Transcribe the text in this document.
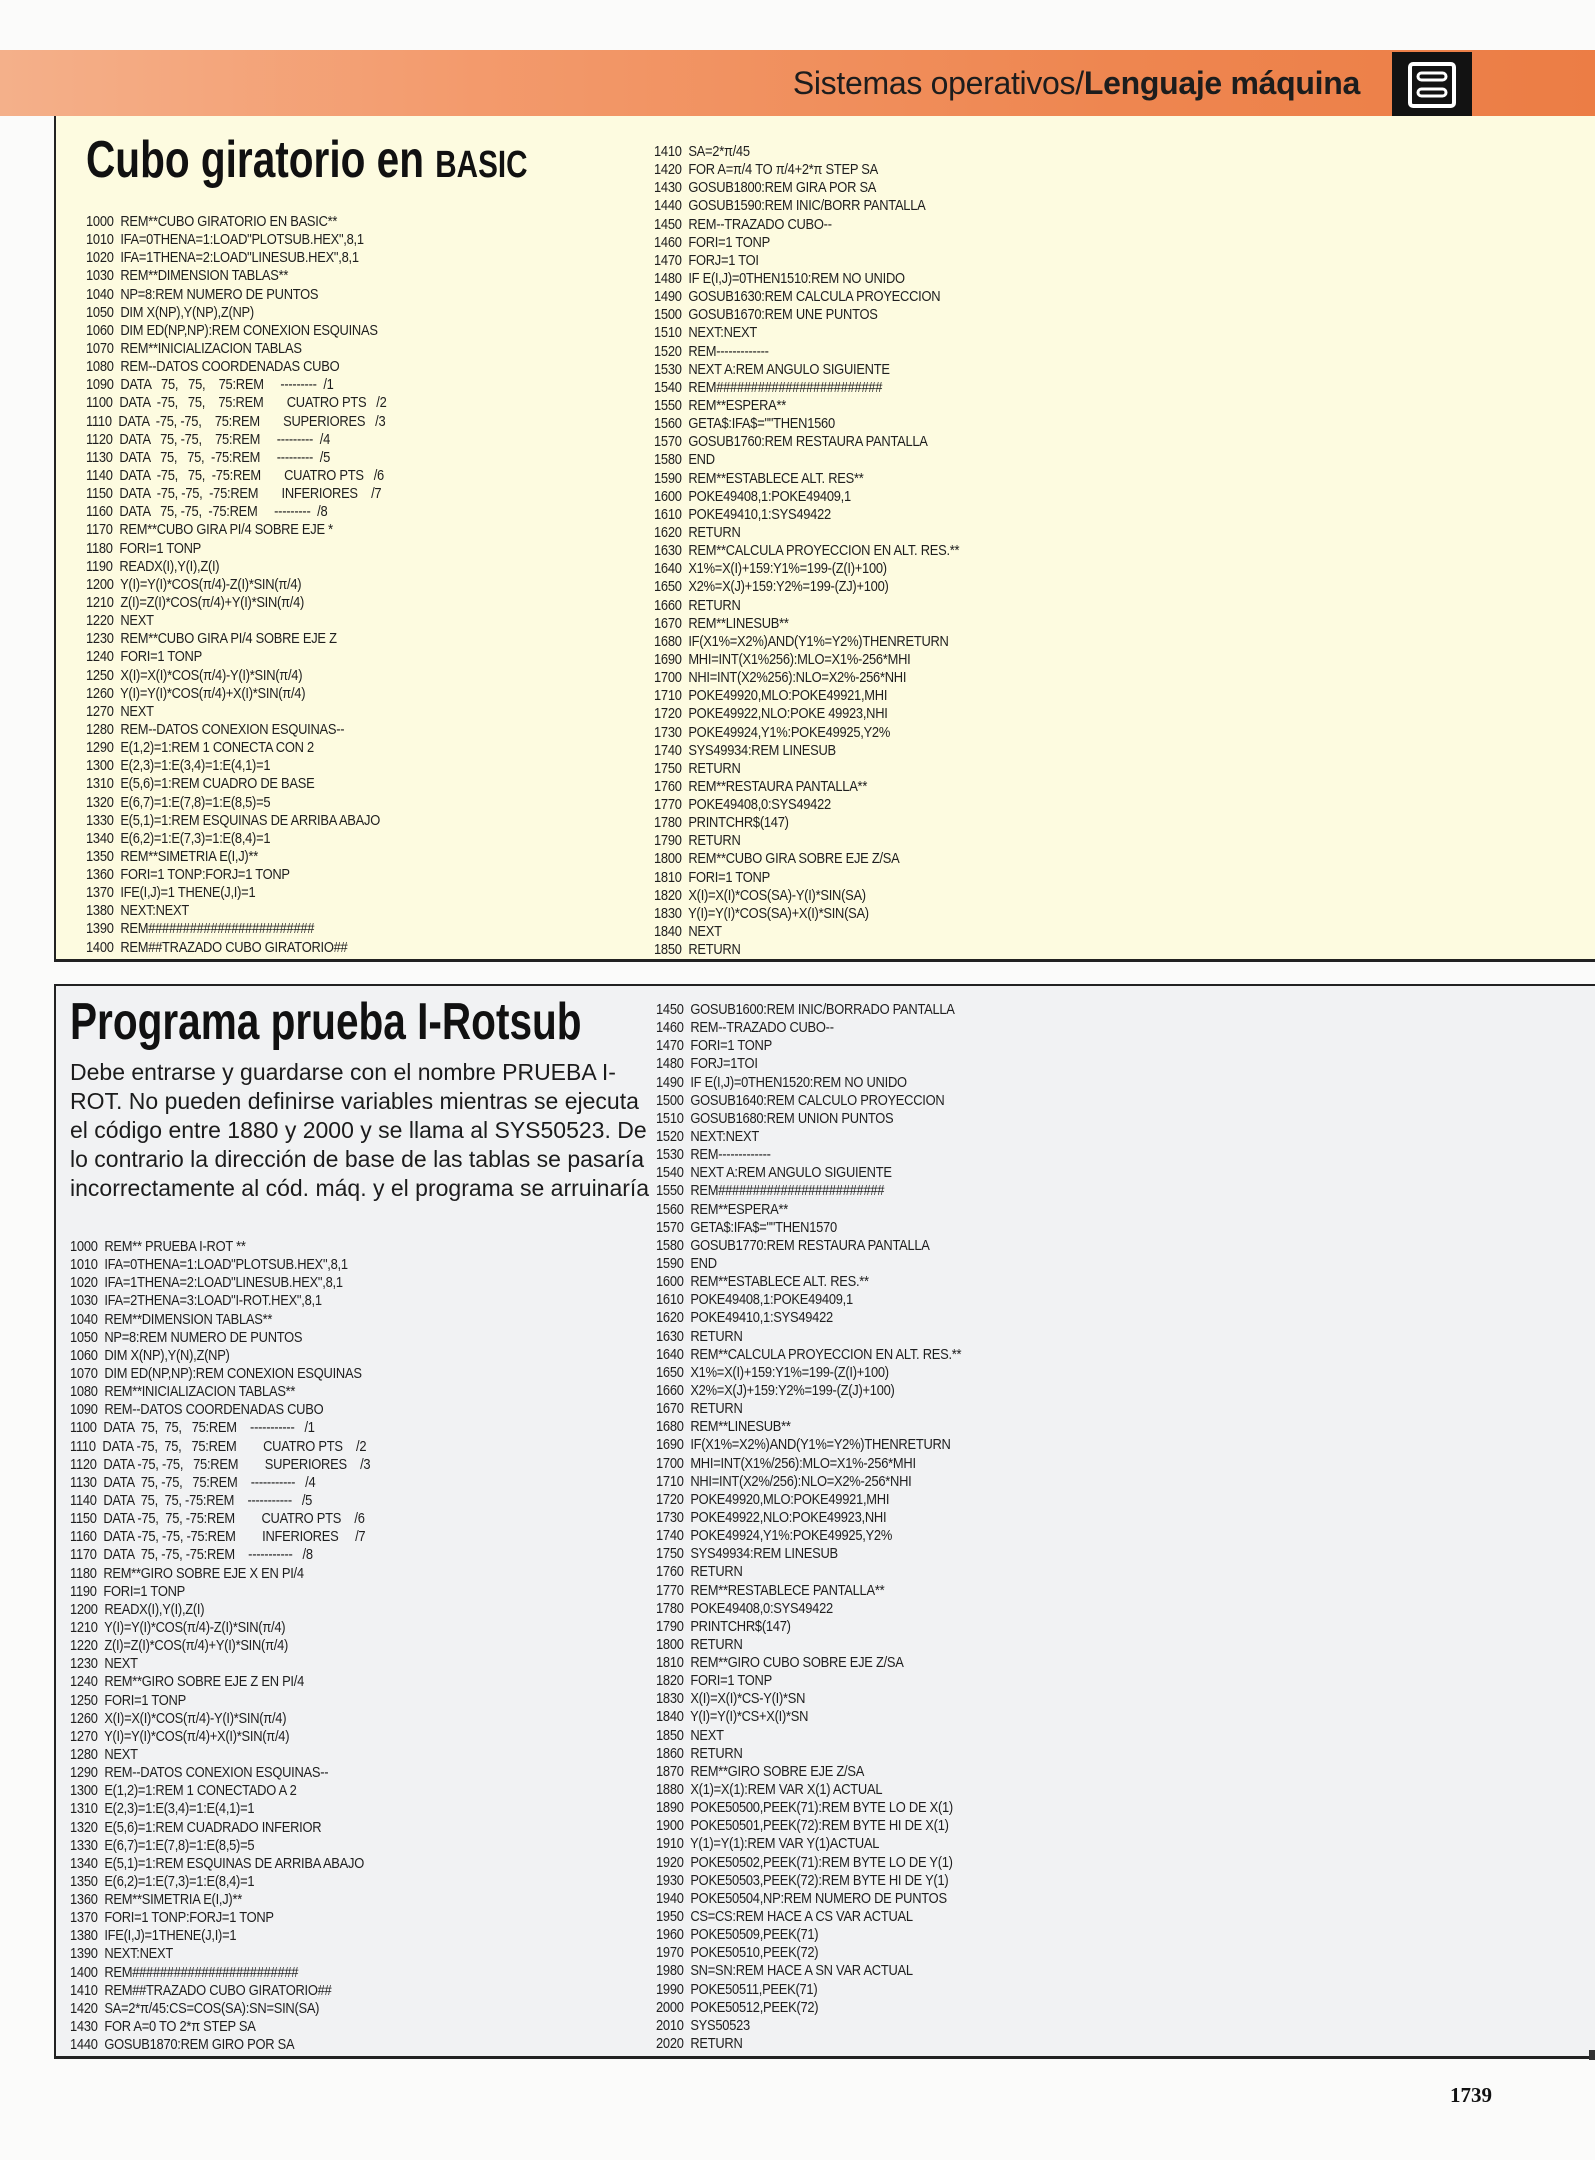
Sistemas operativos/Lenguaje máquina
Cubo giratorio en BASIC
1000  REM**CUBO GIRATORIO EN BASIC**
1010  IFA=0THENA=1:LOAD"PLOTSUB.HEX",8,1
1020  IFA=1THENA=2:LOAD"LINESUB.HEX",8,1
1030  REM**DIMENSION TABLAS**
1040  NP=8:REM NUMERO DE PUNTOS
1050  DIM X(NP),Y(NP),Z(NP)
1060  DIM ED(NP,NP):REM CONEXION ESQUINAS
1070  REM**INICIALIZACION TABLAS
1080  REM--DATOS COORDENADAS CUBO
1090  DATA   75,   75,    75:REM     ---------  /1
1100  DATA  -75,   75,    75:REM       CUATRO PTS   /2
1110  DATA  -75, -75,    75:REM       SUPERIORES   /3
1120  DATA   75, -75,    75:REM     ---------  /4
1130  DATA   75,   75,  -75:REM     ---------  /5
1140  DATA  -75,   75,  -75:REM       CUATRO PTS   /6
1150  DATA  -75, -75,  -75:REM       INFERIORES    /7
1160  DATA   75, -75,  -75:REM     ---------  /8
1170  REM**CUBO GIRA PI/4 SOBRE EJE *
1180  FORI=1 TONP
1190  READX(I),Y(I),Z(I)
1200  Y(I)=Y(I)*COS(π/4)-Z(I)*SIN(π/4)
1210  Z(I)=Z(I)*COS(π/4)+Y(I)*SIN(π/4)
1220  NEXT
1230  REM**CUBO GIRA PI/4 SOBRE EJE Z
1240  FORI=1 TONP
1250  X(I)=X(I)*COS(π/4)-Y(I)*SIN(π/4)
1260  Y(I)=Y(I)*COS(π/4)+X(I)*SIN(π/4)
1270  NEXT
1280  REM--DATOS CONEXION ESQUINAS--
1290  E(1,2)=1:REM 1 CONECTA CON 2
1300  E(2,3)=1:E(3,4)=1:E(4,1)=1
1310  E(5,6)=1:REM CUADRO DE BASE
1320  E(6,7)=1:E(7,8)=1:E(8,5)=5
1330  E(5,1)=1:REM ESQUINAS DE ARRIBA ABAJO
1340  E(6,2)=1:E(7,3)=1:E(8,4)=1
1350  REM**SIMETRIA E(I,J)**
1360  FORI=1 TONP:FORJ=1 TONP
1370  IFE(I,J)=1 THENE(J,I)=1
1380  NEXT:NEXT
1390  REM########################
1400  REM##TRAZADO CUBO GIRATORIO##
1410  SA=2*π/45
1420  FOR A=π/4 TO π/4+2*π STEP SA
1430  GOSUB1800:REM GIRA POR SA
1440  GOSUB1590:REM INIC/BORR PANTALLA
1450  REM--TRAZADO CUBO--
1460  FORI=1 TONP
1470  FORJ=1 TOI
1480  IF E(I,J)=0THEN1510:REM NO UNIDO
1490  GOSUB1630:REM CALCULA PROYECCION
1500  GOSUB1670:REM UNE PUNTOS
1510  NEXT:NEXT
1520  REM-------------
1530  NEXT A:REM ANGULO SIGUIENTE
1540  REM########################
1550  REM**ESPERA**
1560  GETA$:IFA$=""THEN1560
1570  GOSUB1760:REM RESTAURA PANTALLA
1580  END
1590  REM**ESTABLECE ALT. RES**
1600  POKE49408,1:POKE49409,1
1610  POKE49410,1:SYS49422
1620  RETURN
1630  REM**CALCULA PROYECCION EN ALT. RES.**
1640  X1%=X(I)+159:Y1%=199-(Z(I)+100)
1650  X2%=X(J)+159:Y2%=199-(ZJ)+100)
1660  RETURN
1670  REM**LINESUB**
1680  IF(X1%=X2%)AND(Y1%=Y2%)THENRETURN
1690  MHI=INT(X1%256):MLO=X1%-256*MHI
1700  NHI=INT(X2%256):NLO=X2%-256*NHI
1710  POKE49920,MLO:POKE49921,MHI
1720  POKE49922,NLO:POKE 49923,NHI
1730  POKE49924,Y1%:POKE49925,Y2%
1740  SYS49934:REM LINESUB
1750  RETURN
1760  REM**RESTAURA PANTALLA**
1770  POKE49408,0:SYS49422
1780  PRINTCHR$(147)
1790  RETURN
1800  REM**CUBO GIRA SOBRE EJE Z/SA
1810  FORI=1 TONP
1820  X(I)=X(I)*COS(SA)-Y(I)*SIN(SA)
1830  Y(I)=Y(I)*COS(SA)+X(I)*SIN(SA)
1840  NEXT
1850  RETURN
Programa prueba I-Rotsub

Debe entrarse y guardarse con el nombre PRUEBA I-ROT. No pueden definirse variables mientras se ejecuta el código entre 1880 y 2000 y se llama al SYS50523. De lo contrario la dirección de base de las tablas se pasaría incorrectamente al cód. máq. y el programa se arruinaría

1000  REM** PRUEBA I-ROT **
1010  IFA=0THENA=1:LOAD"PLOTSUB.HEX",8,1
1020  IFA=1THENA=2:LOAD"LINESUB.HEX",8,1
1030  IFA=2THENA=3:LOAD"I-ROT.HEX",8,1
1040  REM**DIMENSION TABLAS**
1050  NP=8:REM NUMERO DE PUNTOS
1060  DIM X(NP),Y(N),Z(NP)
1070  DIM ED(NP,NP):REM CONEXION ESQUINAS
1080  REM**INICIALIZACION TABLAS**
1090  REM--DATOS COORDENADAS CUBO
1100  DATA  75,  75,   75:REM    -----------   /1
1110  DATA -75,  75,   75:REM        CUATRO PTS    /2
1120  DATA -75, -75,   75:REM        SUPERIORES    /3
1130  DATA  75, -75,   75:REM    -----------   /4
1140  DATA  75,  75, -75:REM    -----------   /5
1150  DATA -75,  75, -75:REM        CUATRO PTS    /6
1160  DATA -75, -75, -75:REM        INFERIORES     /7
1170  DATA  75, -75, -75:REM    -----------   /8
1180  REM**GIRO SOBRE EJE X EN PI/4
1190  FORI=1 TONP
1200  READX(I),Y(I),Z(I)
1210  Y(I)=Y(I)*COS(π/4)-Z(I)*SIN(π/4)
1220  Z(I)=Z(I)*COS(π/4)+Y(I)*SIN(π/4)
1230  NEXT
1240  REM**GIRO SOBRE EJE Z EN PI/4
1250  FORI=1 TONP
1260  X(I)=X(I)*COS(π/4)-Y(I)*SIN(π/4)
1270  Y(I)=Y(I)*COS(π/4)+X(I)*SIN(π/4)
1280  NEXT
1290  REM--DATOS CONEXION ESQUINAS--
1300  E(1,2)=1:REM 1 CONECTADO A 2
1310  E(2,3)=1:E(3,4)=1:E(4,1)=1
1320  E(5,6)=1:REM CUADRADO INFERIOR
1330  E(6,7)=1:E(7,8)=1:E(8,5)=5
1340  E(5,1)=1:REM ESQUINAS DE ARRIBA ABAJO
1350  E(6,2)=1:E(7,3)=1:E(8,4)=1
1360  REM**SIMETRIA E(I,J)**
1370  FORI=1 TONP:FORJ=1 TONP
1380  IFE(I,J)=1THENE(J,I)=1
1390  NEXT:NEXT
1400  REM########################
1410  REM##TRAZADO CUBO GIRATORIO##
1420  SA=2*π/45:CS=COS(SA):SN=SIN(SA)
1430  FOR A=0 TO 2*π STEP SA
1440  GOSUB1870:REM GIRO POR SA
1450  GOSUB1600:REM INIC/BORRADO PANTALLA
1460  REM--TRAZADO CUBO--
1470  FORI=1 TONP
1480  FORJ=1TOI
1490  IF E(I,J)=0THEN1520:REM NO UNIDO
1500  GOSUB1640:REM CALCULO PROYECCION
1510  GOSUB1680:REM UNION PUNTOS
1520  NEXT:NEXT
1530  REM-------------
1540  NEXT A:REM ANGULO SIGUIENTE
1550  REM########################
1560  REM**ESPERA**
1570  GETA$:IFA$=""THEN1570
1580  GOSUB1770:REM RESTAURA PANTALLA
1590  END
1600  REM**ESTABLECE ALT. RES.**
1610  POKE49408,1:POKE49409,1
1620  POKE49410,1:SYS49422
1630  RETURN
1640  REM**CALCULA PROYECCION EN ALT. RES.**
1650  X1%=X(I)+159:Y1%=199-(Z(I)+100)
1660  X2%=X(J)+159:Y2%=199-(Z(J)+100)
1670  RETURN
1680  REM**LINESUB**
1690  IF(X1%=X2%)AND(Y1%=Y2%)THENRETURN
1700  MHI=INT(X1%/256):MLO=X1%-256*MHI
1710  NHI=INT(X2%/256):NLO=X2%-256*NHI
1720  POKE49920,MLO:POKE49921,MHI
1730  POKE49922,NLO:POKE49923,NHI
1740  POKE49924,Y1%:POKE49925,Y2%
1750  SYS49934:REM LINESUB
1760  RETURN
1770  REM**RESTABLECE PANTALLA**
1780  POKE49408,0:SYS49422
1790  PRINTCHR$(147)
1800  RETURN
1810  REM**GIRO CUBO SOBRE EJE Z/SA
1820  FORI=1 TONP
1830  X(I)=X(I)*CS-Y(I)*SN
1840  Y(I)=Y(I)*CS+X(I)*SN
1850  NEXT
1860  RETURN
1870  REM**GIRO SOBRE EJE Z/SA
1880  X(1)=X(1):REM VAR X(1) ACTUAL
1890  POKE50500,PEEK(71):REM BYTE LO DE X(1)
1900  POKE50501,PEEK(72):REM BYTE HI DE X(1)
1910  Y(1)=Y(1):REM VAR Y(1)ACTUAL
1920  POKE50502,PEEK(71):REM BYTE LO DE Y(1)
1930  POKE50503,PEEK(72):REM BYTE HI DE Y(1)
1940  POKE50504,NP:REM NUMERO DE PUNTOS
1950  CS=CS:REM HACE A CS VAR ACTUAL
1960  POKE50509,PEEK(71)
1970  POKE50510,PEEK(72)
1980  SN=SN:REM HACE A SN VAR ACTUAL
1990  POKE50511,PEEK(71)
2000  POKE50512,PEEK(72)
2010  SYS50523
2020  RETURN
1739
